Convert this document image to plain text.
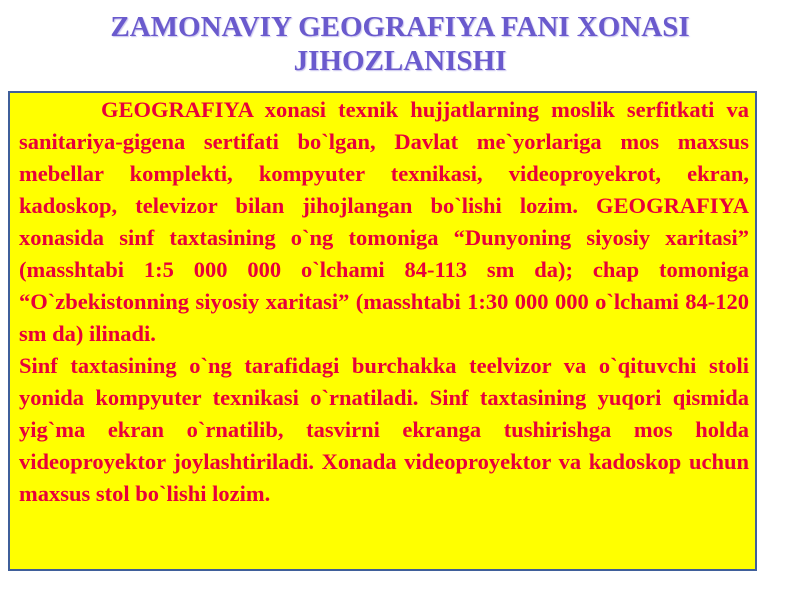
ZAMONAVIY GEOGRAFIYA FANI XONASI
JIHOZLANISHI

GEOGRAFIYA xonasi texnik hujjatlarning moslik serfitkati va sanitariya-gigena sertifati bo`lgan, Davlat me`yorlariga mos maxsus mebellar komplekti, kompyuter texnikasi, videoproyekrot, ekran, kadoskop, televizor bilan jihojlangan bo`lishi lozim. GEOGRAFIYA xonasida sinf taxtasining o`ng tomoniga “Dunyoning siyosiy xaritasi” (masshtabi 1:5 000 000 o`lchami 84-113 sm da); chap tomoniga “O`zbekistonning siyosiy xaritasi” (masshtabi 1:30 000 000 o`lchami 84-120 sm da) ilinadi.

Sinf taxtasining o`ng tarafidagi burchakka teelvizor va o`qituvchi stoli yonida kompyuter texnikasi o`rnatiladi. Sinf taxtasining yuqori qismida yig`ma ekran o`rnatilib, tasvirni ekranga tushirishga mos holda videoproyektor joylashtiriladi. Xonada videoproyektor va kadoskop uchun maxsus stol bo`lishi lozim.
